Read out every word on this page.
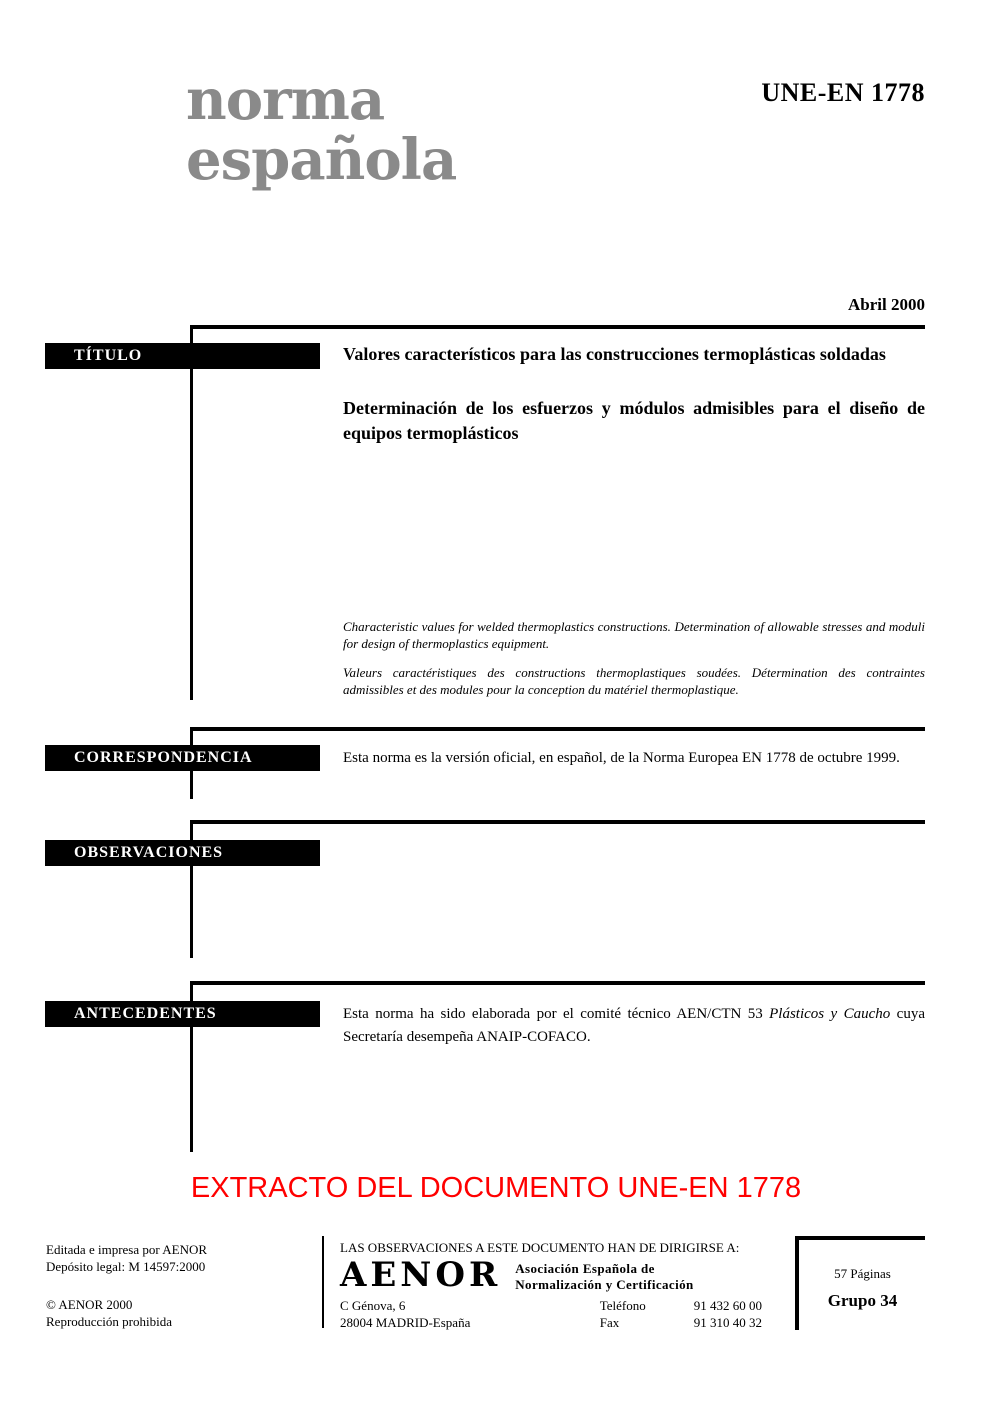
norma
española
UNE-EN 1778
Abril 2000
TÍTULO	Valores característicos para las construcciones termoplásticas soldadas

Determinación de los esfuerzos y módulos admisibles para el diseño de equipos termoplásticos

Characteristic values for welded thermoplastics constructions. Determination of allowable stresses and moduli for design of thermoplastics equipment.

Valeurs caractéristiques des constructions thermoplastiques soudées. Détermination des contraintes admissibles et des modules pour la conception du matériel thermoplastique.

CORRESPONDENCIA	Esta norma es la versión oficial, en español, de la Norma Europea EN 1778 de octubre 1999.
OBSERVACIONES
ANTECEDENTES	Esta norma ha sido elaborada por el comité técnico AEN/CTN 53 Plásticos y Caucho cuya Secretaría desempeña ANAIP-COFACO.
EXTRACTO DEL DOCUMENTO UNE-EN 1778
Editada e impresa por AENOR
Depósito legal: M 14597:2000
© AENOR 2000
Reproducción prohibida
LAS OBSERVACIONES A ESTE DOCUMENTO HAN DE DIRIGIRSE A:
AENOR Asociación Española de
Normalización y Certificación
C Génova, 6
28004 MADRID-España
Teléfono	91 432 60 00
Fax	91 310 40 32
57 Páginas
Grupo 34
